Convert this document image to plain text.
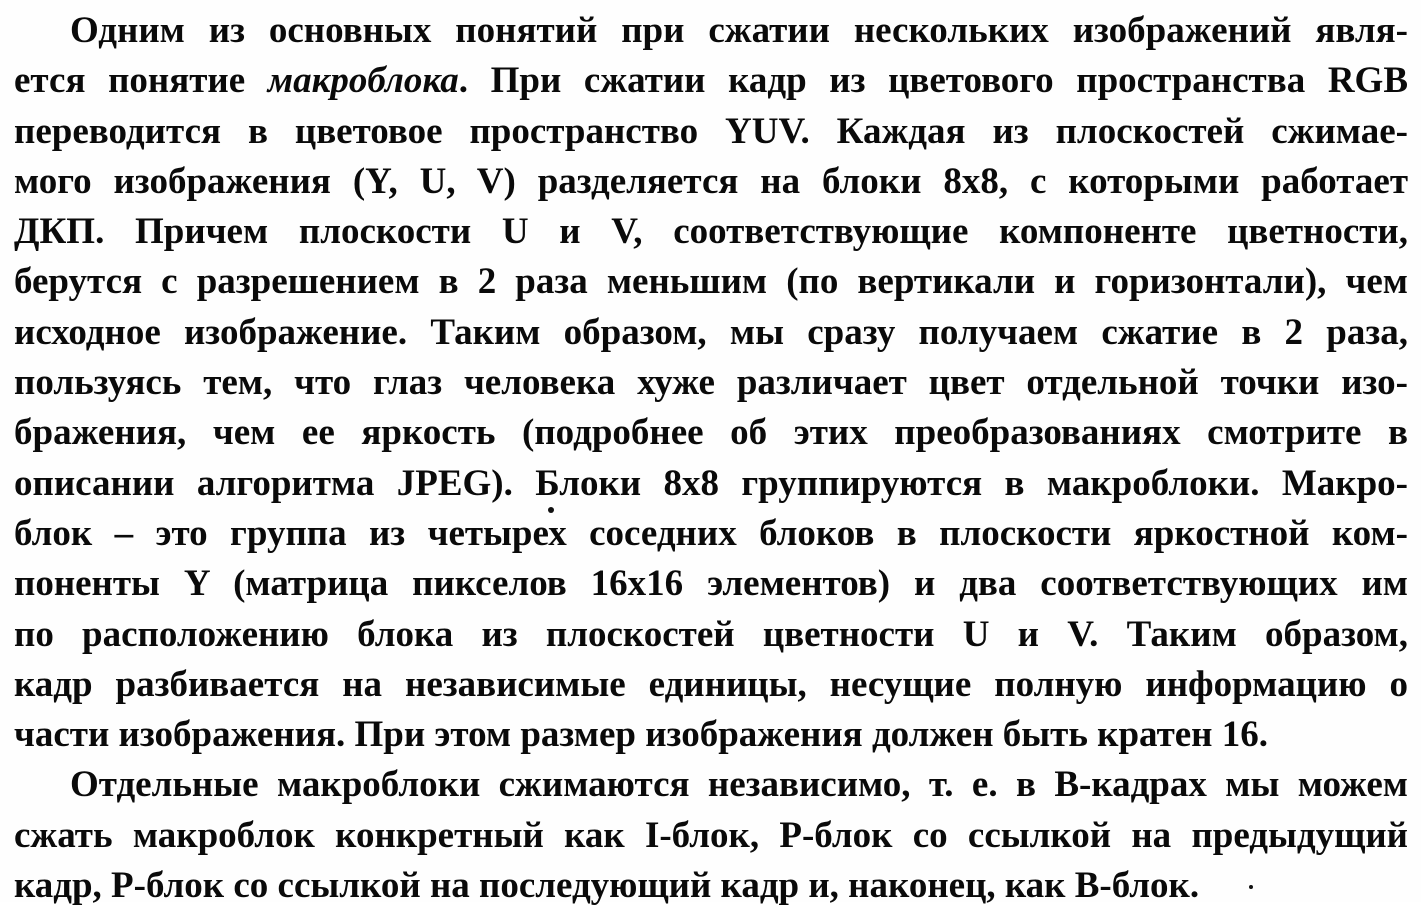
Одним из основных понятий при сжатии нескольких изображений явля-
ется понятие макроблока. При сжатии кадр из цветового пространства RGB
переводится в цветовое пространство YUV. Каждая из плоскостей сжимае-
мого изображения (Y, U, V) разделяется на блоки 8x8, с которыми работает
ДКП. Причем плоскости U и V, соответствующие компоненте цветности,
берутся с разрешением в 2 раза меньшим (по вертикали и горизонтали), чем
исходное изображение. Таким образом, мы сразу получаем сжатие в 2 раза,
пользуясь тем, что глаз человека хуже различает цвет отдельной точки изо-
бражения, чем ее яркость (подробнее об этих преобразованиях смотрите в
описании алгоритма JPEG). Блоки 8x8 группируются в макроблоки. Макро-
блок – это группа из четырех соседних блоков в плоскости яркостной ком-
поненты Y (матрица пикселов 16x16 элементов) и два соответствующих им
по расположению блока из плоскостей цветности U и V. Таким образом,
кадр разбивается на независимые единицы, несущие полную информацию о
части изображения. При этом размер изображения должен быть кратен 16.
Отдельные макроблоки сжимаются независимо, т. е. в B-кадрах мы можем
сжать макроблок конкретный как I-блок, P-блок со ссылкой на предыдущий
кадр, P-блок со ссылкой на последующий кадр и, наконец, как B-блок.
